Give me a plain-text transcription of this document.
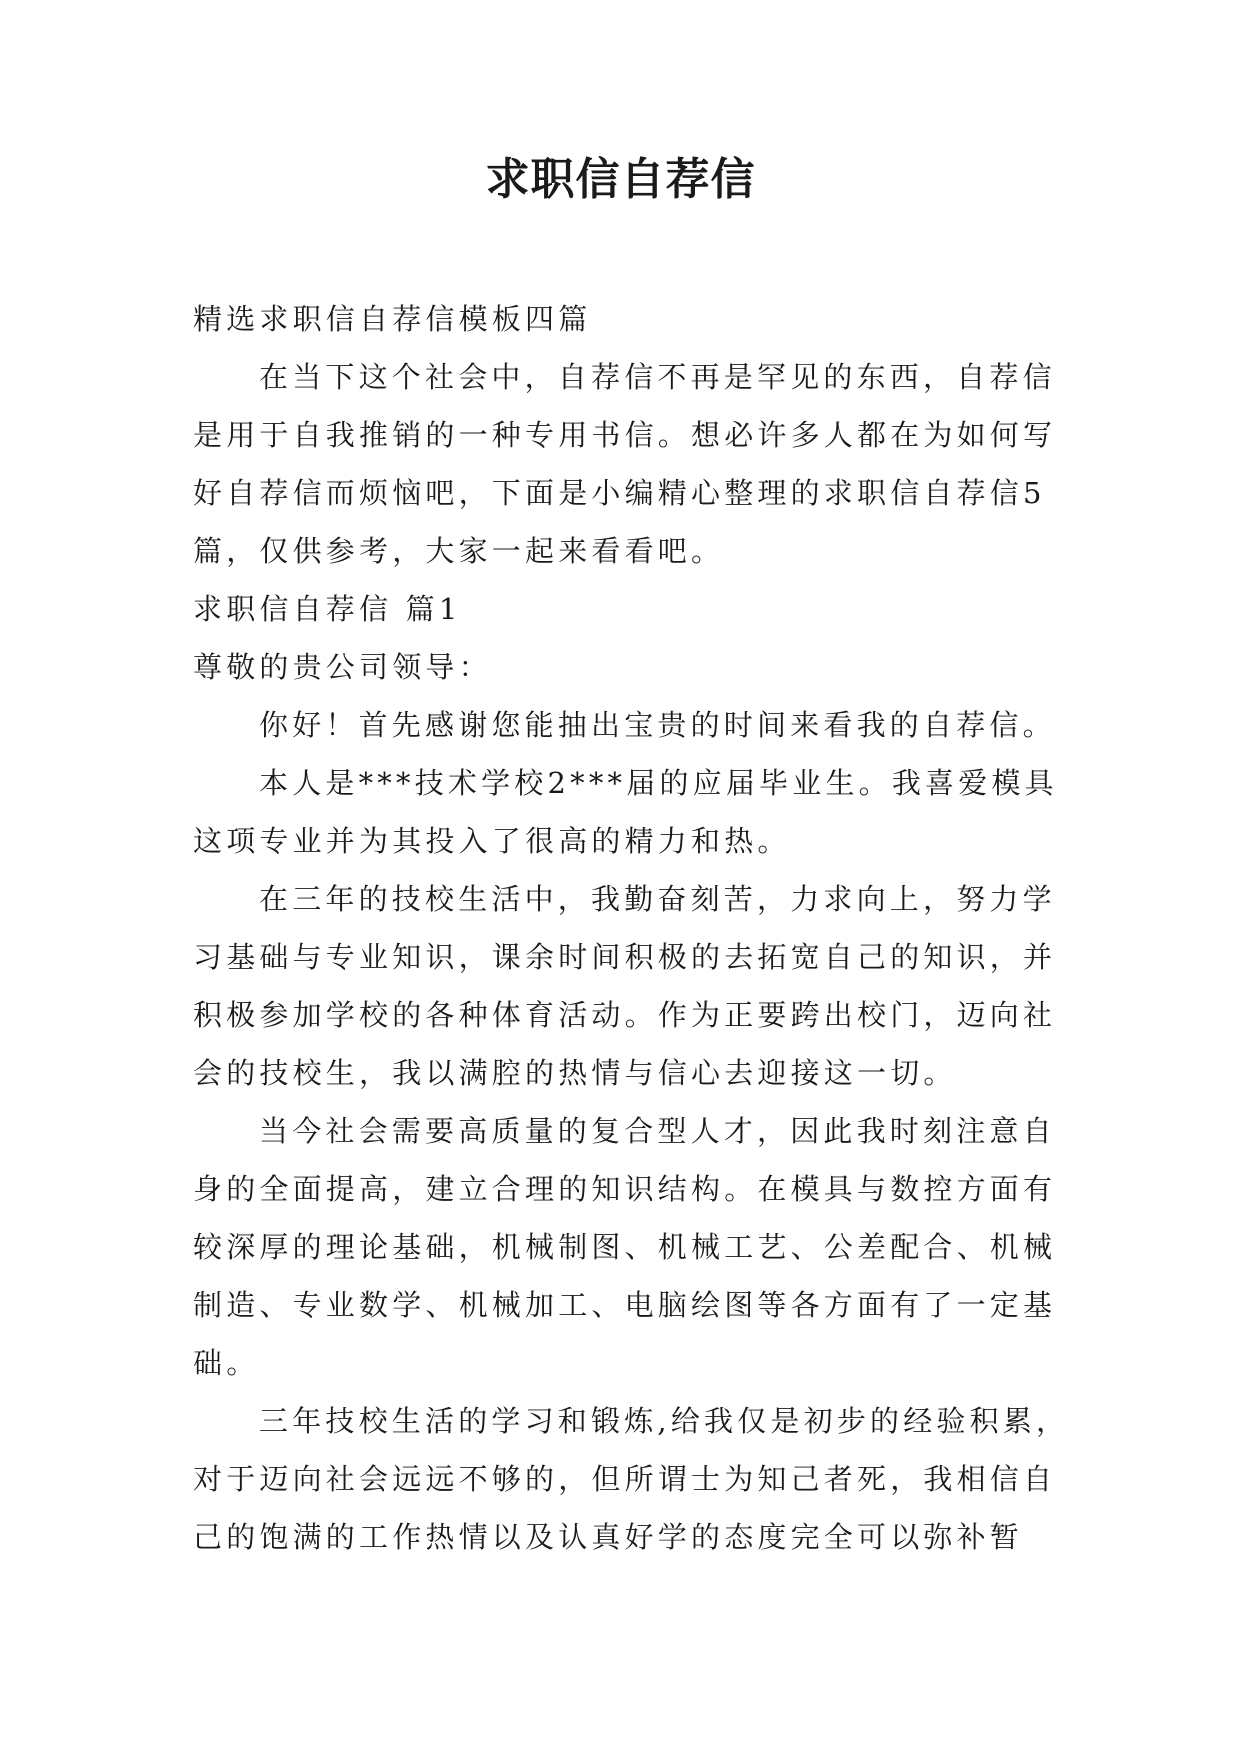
求职信自荐信

精选求职信自荐信模板四篇

在当下这个社会中，自荐信不再是罕见的东西，自荐信是用于自我推销的一种专用书信。想必许多人都在为如何写好自荐信而烦恼吧，下面是小编精心整理的求职信自荐信5篇，仅供参考，大家一起来看看吧。

求职信自荐信 篇1

尊敬的贵公司领导：

你好！首先感谢您能抽出宝贵的时间来看我的自荐信。

本人是***技术学校2***届的应届毕业生。我喜爱模具这项专业并为其投入了很高的精力和热。

在三年的技校生活中，我勤奋刻苦，力求向上，努力学习基础与专业知识，课余时间积极的去拓宽自己的知识，并积极参加学校的各种体育活动。作为正要跨出校门，迈向社会的技校生，我以满腔的热情与信心去迎接这一切。

当今社会需要高质量的复合型人才，因此我时刻注意自身的全面提高，建立合理的知识结构。在模具与数控方面有较深厚的理论基础，机械制图、机械工艺、公差配合、机械制造、专业数学、机械加工、电脑绘图等各方面有了一定基础。

三年技校生活的学习和锻炼,给我仅是初步的经验积累，对于迈向社会远远不够的，但所谓士为知己者死，我相信自己的饱满的工作热情以及认真好学的态度完全可以弥补暂
